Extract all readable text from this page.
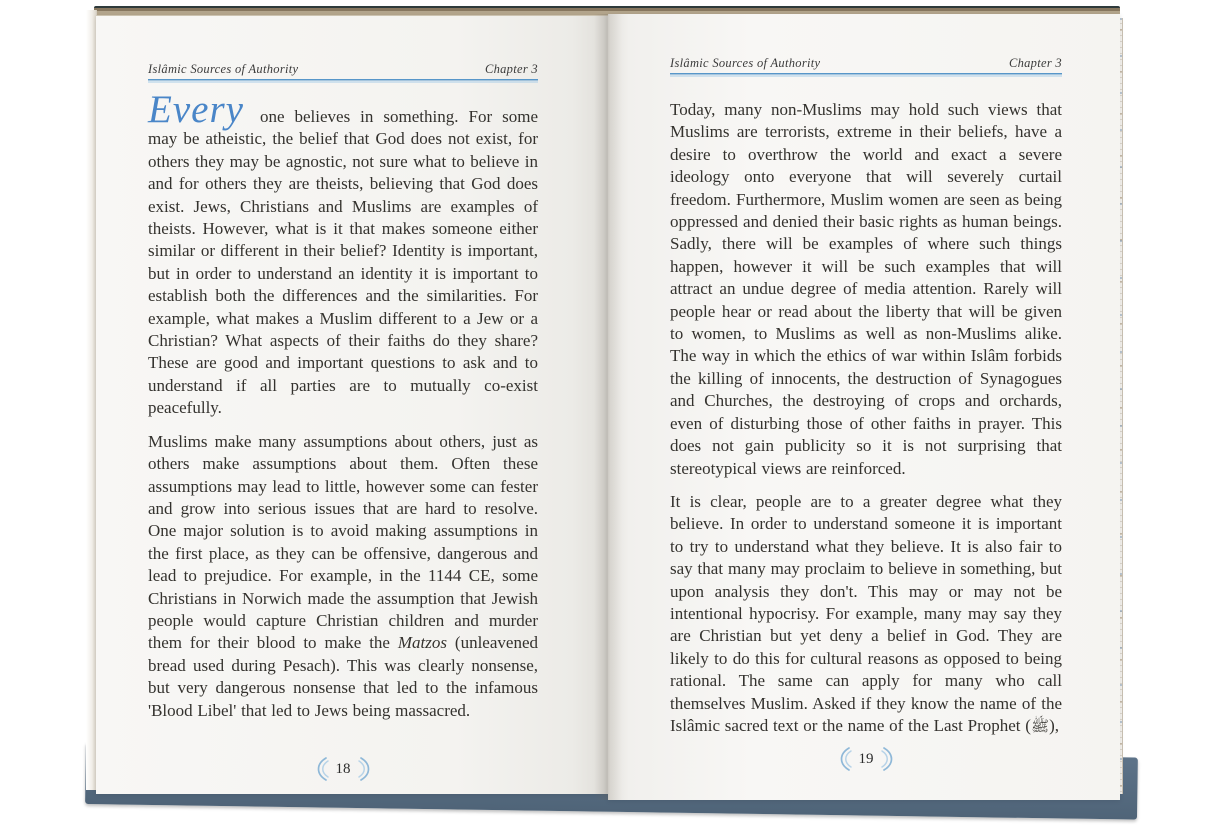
Islâmic Sources of Authority	Chapter 3

Every one believes in something. For some may be atheistic, the belief that God does not exist, for others they may be agnostic, not sure what to believe in and for others they are theists, believing that God does exist. Jews, Christians and Muslims are examples of theists. However, what is it that makes someone either similar or different in their belief? Identity is important, but in order to understand an identity it is important to establish both the differences and the similarities. For example, what makes a Muslim different to a Jew or a Christian? What aspects of their faiths do they share? These are good and important questions to ask and to understand if all parties are to mutually co-exist peacefully.

Muslims make many assumptions about others, just as others make assumptions about them. Often these assumptions may lead to little, however some can fester and grow into serious issues that are hard to resolve. One major solution is to avoid making assumptions in the first place, as they can be offensive, dangerous and lead to prejudice. For example, in the 1144 CE, some Christians in Norwich made the assumption that Jewish people would capture Christian children and murder them for their blood to make the Matzos (unleavened bread used during Pesach). This was clearly nonsense, but very dangerous nonsense that led to the infamous 'Blood Libel' that led to Jews being massacred.

18
Islâmic Sources of Authority	Chapter 3

Today, many non-Muslims may hold such views that Muslims are terrorists, extreme in their beliefs, have a desire to overthrow the world and exact a severe ideology onto everyone that will severely curtail freedom. Furthermore, Muslim women are seen as being oppressed and denied their basic rights as human beings. Sadly, there will be examples of where such things happen, however it will be such examples that will attract an undue degree of media attention. Rarely will people hear or read about the liberty that will be given to women, to Muslims as well as non-Muslims alike. The way in which the ethics of war within Islâm forbids the killing of innocents, the destruction of Synagogues and Churches, the destroying of crops and orchards, even of disturbing those of other faiths in prayer. This does not gain publicity so it is not surprising that stereotypical views are reinforced.

It is clear, people are to a greater degree what they believe. In order to understand someone it is important to try to understand what they believe. It is also fair to say that many may proclaim to believe in something, but upon analysis they don't. This may or may not be intentional hypocrisy. For example, many may say they are Christian but yet deny a belief in God. They are likely to do this for cultural reasons as opposed to being rational. The same can apply for many who call themselves Muslim. Asked if they know the name of the Islâmic sacred text or the name of the Last Prophet (ﷺ),

19
